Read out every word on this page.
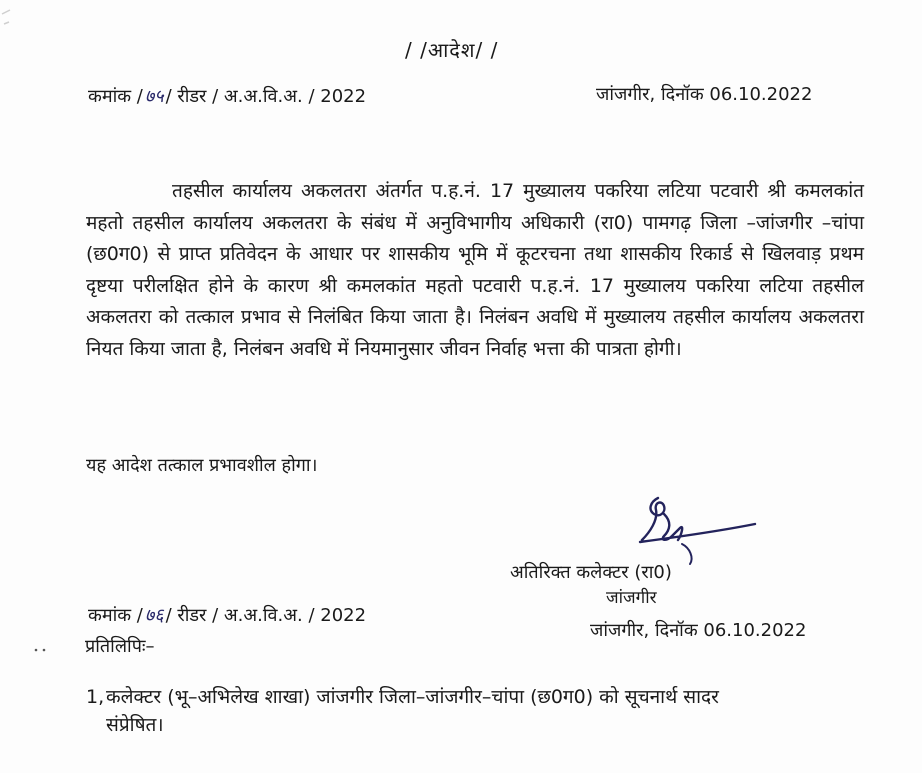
/ /आदेश/ /
कमांक / ७५ / रीडर / अ.अ.वि.अ. / 2022	जांजगीर, दिनॉक 06.10.2022
तहसील कार्यालय अकलतरा अंतर्गत प.ह.नं. 17 मुख्यालय पकरिया लटिया पटवारी श्री कमलकांत महतो तहसील कार्यालय अकलतरा के संबंध में अनुविभागीय अधिकारी (रा0) पामगढ़ जिला –जांजगीर –चांपा (छ0ग0) से प्राप्त प्रतिवेदन के आधार पर शासकीय भूमि में कूटरचना तथा शासकीय रिकार्ड से खिलवाड़ प्रथम दृष्टया परीलक्षित होने के कारण श्री कमलकांत महतो पटवारी प.ह.नं. 17 मुख्यालय पकरिया लटिया तहसील अकलतरा को तत्काल प्रभाव से निलंबित किया जाता है। निलंबन अवधि में मुख्यालय तहसील कार्यालय अकलतरा नियत किया जाता है, निलंबन अवधि में नियमानुसार जीवन निर्वाह भत्ता की पात्रता होगी।
यह आदेश तत्काल प्रभावशील होगा।
अतिरिक्त कलेक्टर (रा0)
जांजगीर
कमांक / ७६ / रीडर / अ.अ.वि.अ. / 2022
जांजगीर, दिनॉक 06.10.2022
प्रतिलिपिः–
1,कलेक्टर (भू–अभिलेख शाखा) जांजगीर जिला–जांजगीर–चांपा (छ0ग0) को सूचनार्थ सादर
संप्रेषित।
